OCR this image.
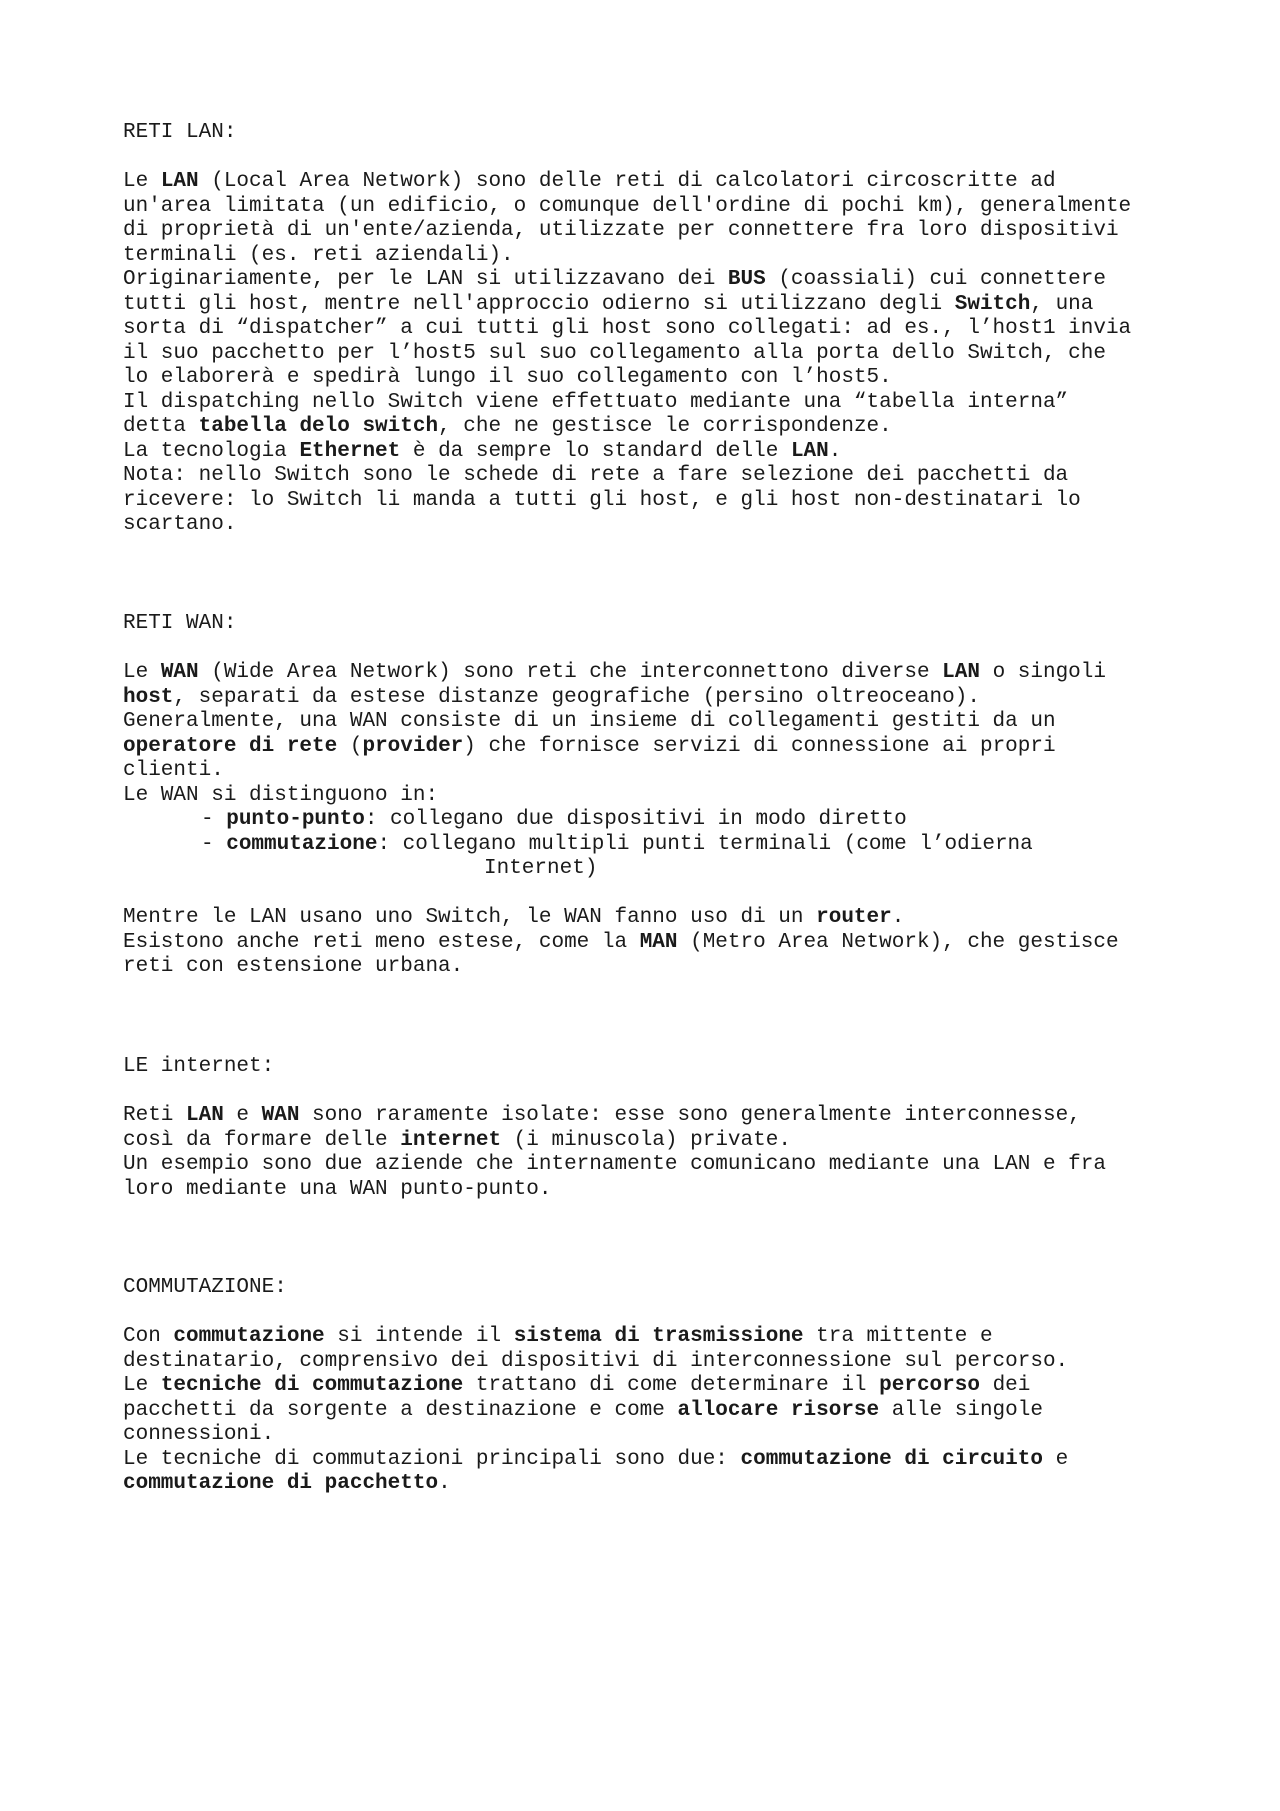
RETI LAN:
Le LAN (Local Area Network) sono delle reti di calcolatori circoscritte ad
un'area limitata (un edificio, o comunque dell'ordine di pochi km), generalmente
di proprietà di un'ente/azienda, utilizzate per connettere fra loro dispositivi
terminali (es. reti aziendali).
Originariamente, per le LAN si utilizzavano dei BUS (coassiali) cui connettere
tutti gli host, mentre nell'approccio odierno si utilizzano degli Switch, una
sorta di “dispatcher” a cui tutti gli host sono collegati: ad es., l’host1 invia
il suo pacchetto per l’host5 sul suo collegamento alla porta dello Switch, che
lo elaborerà e spedirà lungo il suo collegamento con l’host5.
Il dispatching nello Switch viene effettuato mediante una “tabella interna”
detta tabella delo switch, che ne gestisce le corrispondenze.
La tecnologia Ethernet è da sempre lo standard delle LAN.
Nota: nello Switch sono le schede di rete a fare selezione dei pacchetti da
ricevere: lo Switch li manda a tutti gli host, e gli host non-destinatari lo
scartano.
RETI WAN:
Le WAN (Wide Area Network) sono reti che interconnettono diverse LAN o singoli
host, separati da estese distanze geografiche (persino oltreoceano).
Generalmente, una WAN consiste di un insieme di collegamenti gestiti da un
operatore di rete (provider) che fornisce servizi di connessione ai propri
clienti.
Le WAN si distinguono in:
- punto-punto: collegano due dispositivi in modo diretto
- commutazione: collegano multipli punti terminali (come l’odierna
Internet)
Mentre le LAN usano uno Switch, le WAN fanno uso di un router.
Esistono anche reti meno estese, come la MAN (Metro Area Network), che gestisce
reti con estensione urbana.
LE internet:
Reti LAN e WAN sono raramente isolate: esse sono generalmente interconnesse,
così da formare delle internet (i minuscola) private.
Un esempio sono due aziende che internamente comunicano mediante una LAN e fra
loro mediante una WAN punto-punto.
COMMUTAZIONE:
Con commutazione si intende il sistema di trasmissione tra mittente e
destinatario, comprensivo dei dispositivi di interconnessione sul percorso.
Le tecniche di commutazione trattano di come determinare il percorso dei
pacchetti da sorgente a destinazione e come allocare risorse alle singole
connessioni.
Le tecniche di commutazioni principali sono due: commutazione di circuito e
commutazione di pacchetto.
